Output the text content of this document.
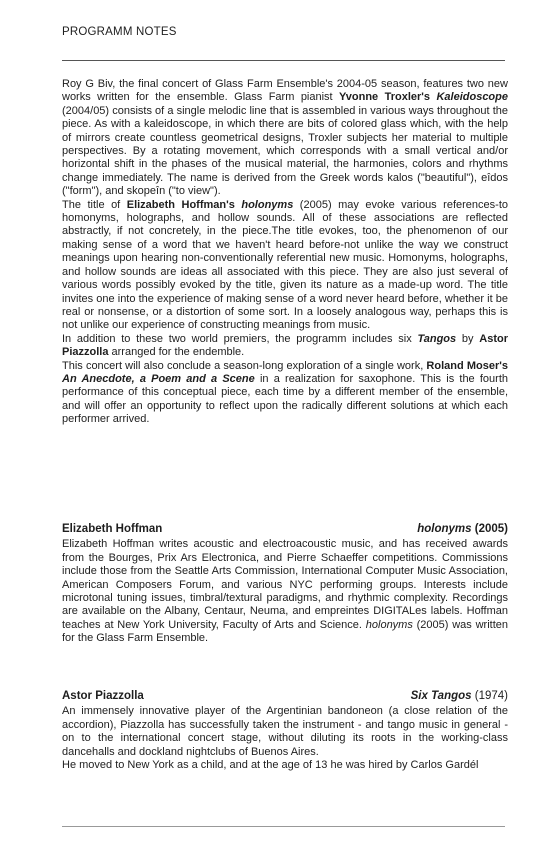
PROGRAMM NOTES

Roy G Biv, the final concert of Glass Farm Ensemble's 2004-05 season, features two new works written for the ensemble. Glass Farm pianist Yvonne Troxler's Kaleidoscope (2004/05) consists of a single melodic line that is assembled in various ways throughout the piece. As with a kaleidoscope, in which there are bits of colored glass which, with the help of mirrors create countless geometrical designs, Troxler subjects her material to multiple perspectives. By a rotating movement, which corresponds with a small vertical and/or horizontal shift in the phases of the musical material, the harmonies, colors and rhythms change immediately. The name is derived from the Greek words kalos ("beautiful"), eîdos ("form"), and skopeîn ("to view").

The title of Elizabeth Hoffman's holonyms (2005) may evoke various references-to homonyms, holographs, and hollow sounds. All of these associations are reflected abstractly, if not concretely, in the piece.The title evokes, too, the phenomenon of our making sense of a word that we haven't heard before-not unlike the way we construct meanings upon hearing non-conventionally referential new music. Homonyms, holographs, and hollow sounds are ideas all associated with this piece. They are also just several of various words possibly evoked by the title, given its nature as a made-up word. The title invites one into the experience of making sense of a word never heard before, whether it be real or nonsense, or a distortion of some sort. In a loosely analogous way, perhaps this is not unlike our experience of constructing meanings from music.

In addition to these two world premiers, the programm includes six Tangos by Astor Piazzolla arranged for the endemble.

This concert will also conclude a season-long exploration of a single work, Roland Moser's An Anecdote, a Poem and a Scene in a realization for saxophone. This is the fourth performance of this conceptual piece, each time by a different member of the ensemble, and will offer an opportunity to reflect upon the radically different solutions at which each performer arrived.

Elizabeth Hoffman	holonyms (2005)

Elizabeth Hoffman writes acoustic and electroacoustic music, and has received awards from the Bourges, Prix Ars Electronica, and Pierre Schaeffer competitions. Commissions include those from the Seattle Arts Commission, International Computer Music Association, American Composers Forum, and various NYC performing groups. Interests include microtonal tuning issues, timbral/textural paradigms, and rhythmic complexity. Recordings are available on the Albany, Centaur, Neuma, and empreintes DIGITALes labels. Hoffman teaches at New York University, Faculty of Arts and Science. holonyms (2005) was written for the Glass Farm Ensemble.

Astor Piazzolla	Six Tangos (1974)

An immensely innovative player of the Argentinian bandoneon (a close relation of the accordion), Piazzolla has successfully taken the instrument - and tango music in general - on to the international concert stage, without diluting its roots in the working-class dancehalls and dockland nightclubs of Buenos Aires.

He moved to New York as a child, and at the age of 13 he was hired by Carlos Gardél
